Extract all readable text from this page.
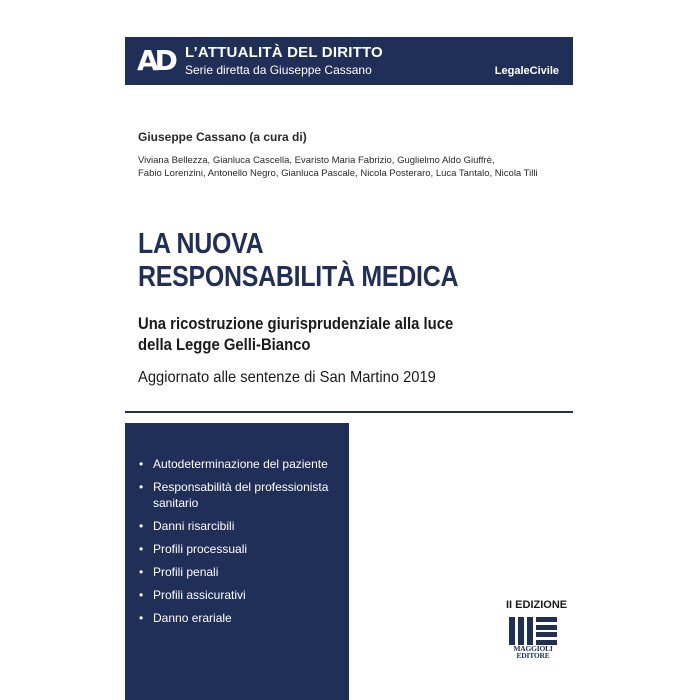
AD L’ATTUALITÀ DEL DIRITTO
Serie diretta da Giuseppe Cassano	LegaleCivile
Giuseppe Cassano (a cura di)
Viviana Bellezza, Gianluca Cascella, Evaristo Maria Fabrizio, Guglielmo Aldo Giuffrè,
Fabio Lorenzini, Antonello Negro, Gianluca Pascale, Nicola Posteraro, Luca Tantalo, Nicola Tilli
LA NUOVA
RESPONSABILITÀ MEDICA
Una ricostruzione giurisprudenziale alla luce
della Legge Gelli-Bianco
Aggiornato alle sentenze di San Martino 2019
• Autodeterminazione del paziente
• Responsabilità del professionista sanitario
• Danni risarcibili
• Profili processuali
• Profili penali
• Profili assicurativi
• Danno erariale
II EDIZIONE
MAGGIOLI
EDITORE
